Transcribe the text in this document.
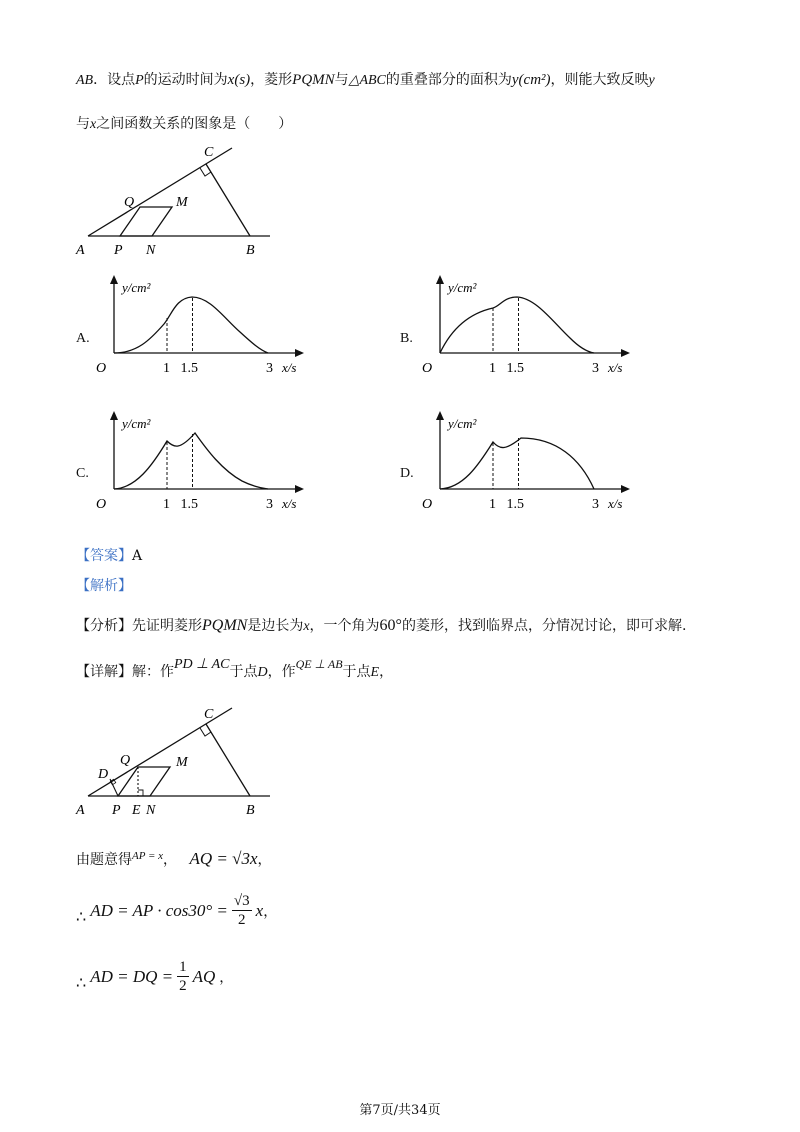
AB．设点P的运动时间为x(s)，菱形PQMN与△ABC的重叠部分的面积为y(cm²)，则能大致反映y
与x之间函数关系的图象是（　　）
A P N	B
Q	M
C
A.	B.
C.	D.
y/cm²
x/s
O	1 1.5	3
y/cm²
x/s
O	1 1.5	3
y/cm²
x/s
O	1 1.5	3
y/cm²
x/s
O	1 1.5	3
【答案】A
【解析】
【分析】先证明菱形PQMN是边长为x，一个角为60°的菱形，找到临界点，分情况讨论，即可求解.
【详解】解：作PD ⊥ AC于点D，作QE ⊥ AB于点E，
A P E N	B
D
Q	M
C
由题意得$^{AP = x}$， AQ = √3x，
∴ AD = AP · $\cos 30^\circ = \frac{√3}{2}$ x ，
∴ AD = DQ = $\frac{1}{2}$ AQ ，
第7页/共34页
